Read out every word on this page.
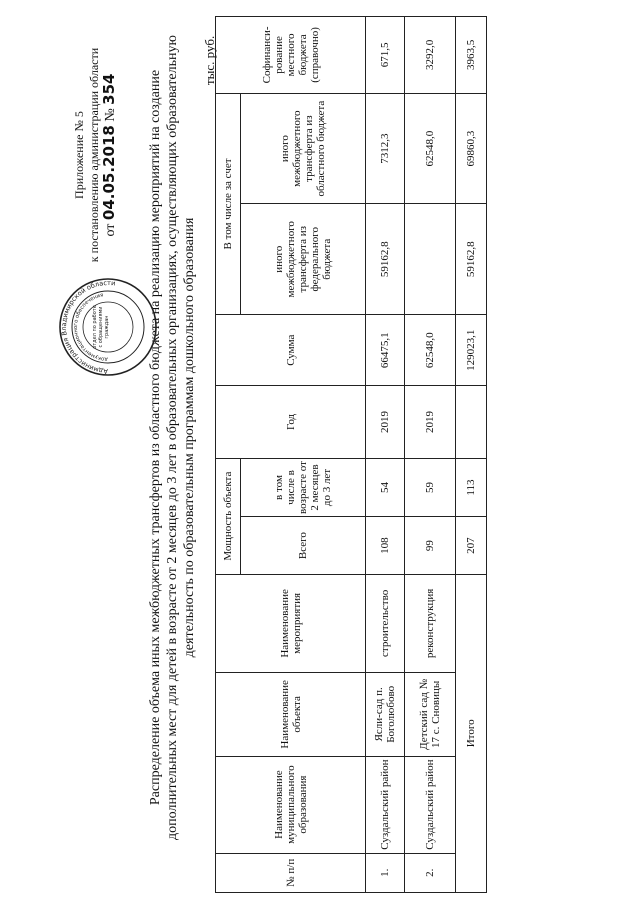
Приложение № 5 к постановлению администрации области от 04.05.2018 № 354 Распределение объема иных межбюджетных трансфертов из областного бюджета на реализацию мероприятий на создание дополнительных мест для детей в возрасте от 2 месяцев до 3 лет в образовательных организациях, осуществляющих образовательную деятельность по образовательным программам дошкольного образования
тыс. руб.
№ п/п	Наименование муниципального образования	Наименование объекта	Наименование мероприятия	Мощность объекта		Год	Сумма	В том числе за счет		Софинанси-рование местного бюджета (справочно)
				Всего	в том числе в возрасте от 2 месяцев до 3 лет			иного межбюджетного трансферта из федерального бюджета	иного межбюджетного трансферта из областного бюджета	
1.	Суздальский район	Ясли-сад п. Боголюбово	строительство	108	54	2019	66475,1	59162,8	7312,3	671,5
2.	Суздальский район	Детский сад № 17 с. Сновицы	реконструкция	99	59	2019	62548,0		62548,0	3292,0
Итого				207	113		129023,1	59162,8	69860,3	3963,5
Администрация Владимирской области
документационного обеспечения
отдел по работе с обращениями граждан
